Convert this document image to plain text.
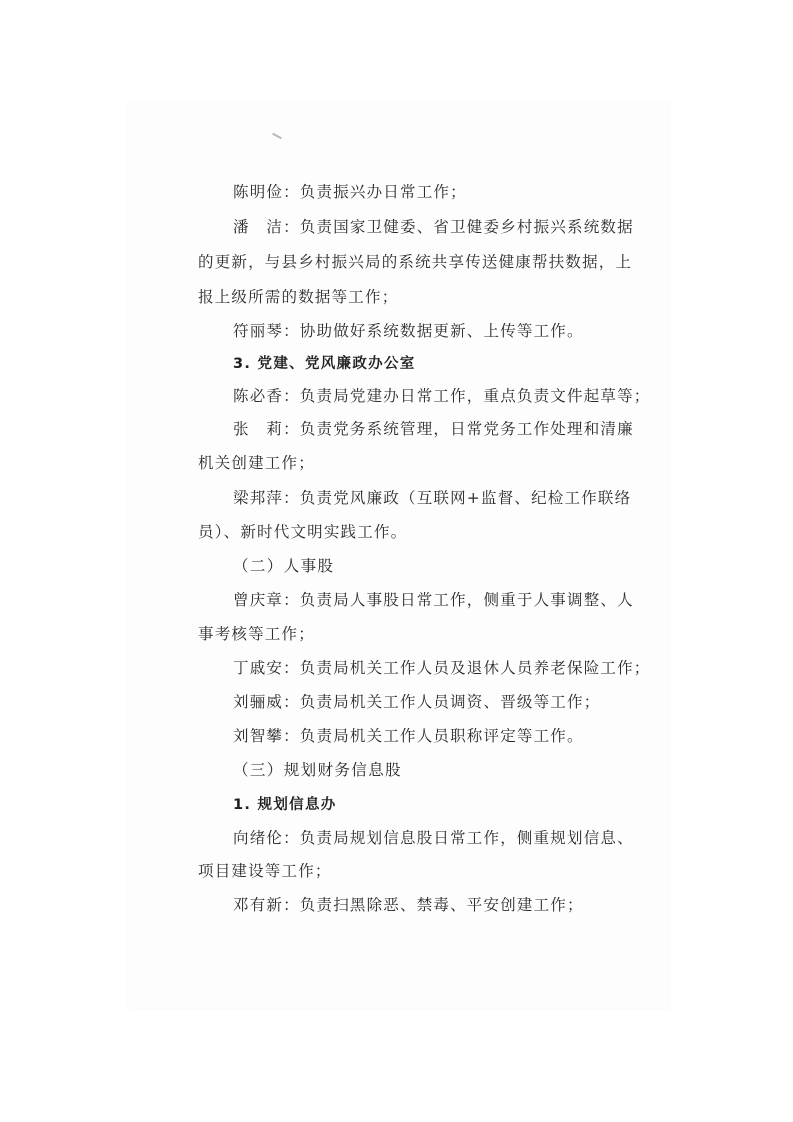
陈明俭：负责振兴办日常工作；
潘　洁：负责国家卫健委、省卫健委乡村振兴系统数据
的更新，与县乡村振兴局的系统共享传送健康帮扶数据，上
报上级所需的数据等工作；
符丽琴：协助做好系统数据更新、上传等工作。
3. 党建、党风廉政办公室
陈必香：负责局党建办日常工作，重点负责文件起草等；
张　莉：负责党务系统管理，日常党务工作处理和清廉
机关创建工作；
梁邦萍：负责党风廉政（互联网+监督、纪检工作联络
员）、新时代文明实践工作。
（二）人事股
曾庆章：负责局人事股日常工作，侧重于人事调整、人
事考核等工作；
丁戚安：负责局机关工作人员及退休人员养老保险工作；
刘骊威：负责局机关工作人员调资、晋级等工作；
刘智攀：负责局机关工作人员职称评定等工作。
（三）规划财务信息股
1. 规划信息办
向绪伦：负责局规划信息股日常工作，侧重规划信息、
项目建设等工作；
邓有新：负责扫黑除恶、禁毒、平安创建工作；
